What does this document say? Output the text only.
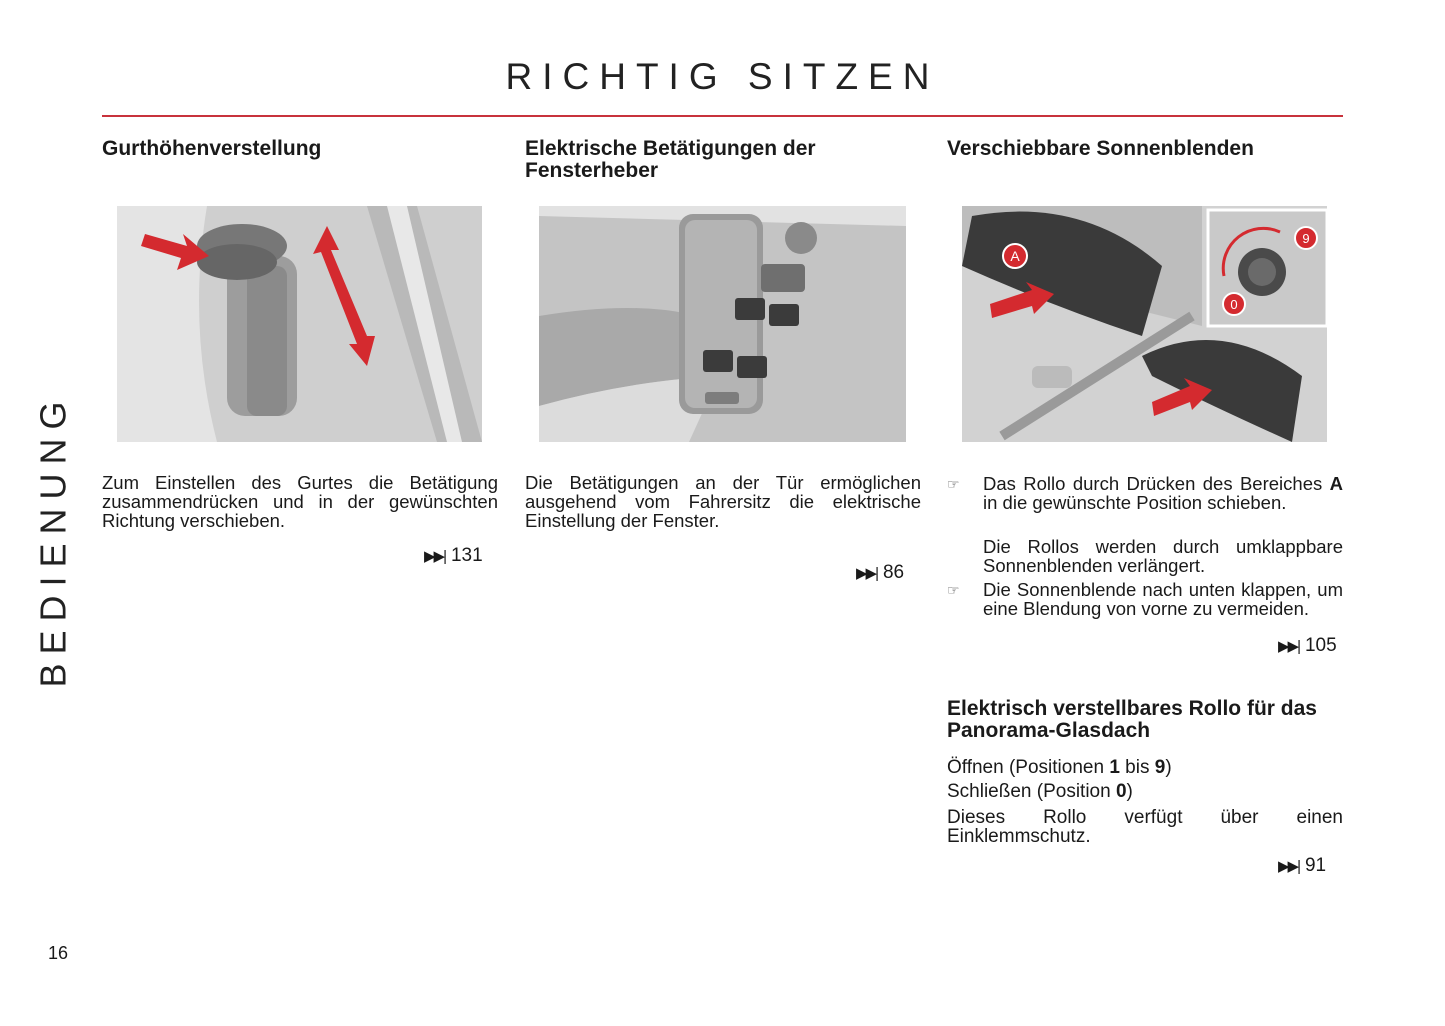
RICHTIG SITZEN
BEDIENUNG
Gurthöhenverstellung
Zum Einstellen des Gurtes die Betätigung zusammendrücken und in der gewünschten Richtung verschieben.
▶▶| 131
Elektrische Betätigungen der Fensterheber
Die Betätigungen an der Tür ermöglichen ausgehend vom Fahrersitz die elektrische Einstellung der Fenster.
▶▶| 86
Verschiebbare Sonnenblenden
A
9
0
☞	Das Rollo durch Drücken des Bereiches A in die gewünschte Position schieben.
Die Rollos werden durch umklappbare Sonnenblenden verlängert.
☞	Die Sonnenblende nach unten klappen, um eine Blendung von vorne zu vermeiden.
▶▶| 105
Elektrisch verstellbares Rollo für das Panorama-Glasdach
Öffnen (Positionen 1 bis 9)
Schließen (Position 0)
Dieses Rollo verfügt über einen Einklemmschutz.
▶▶| 91
16
